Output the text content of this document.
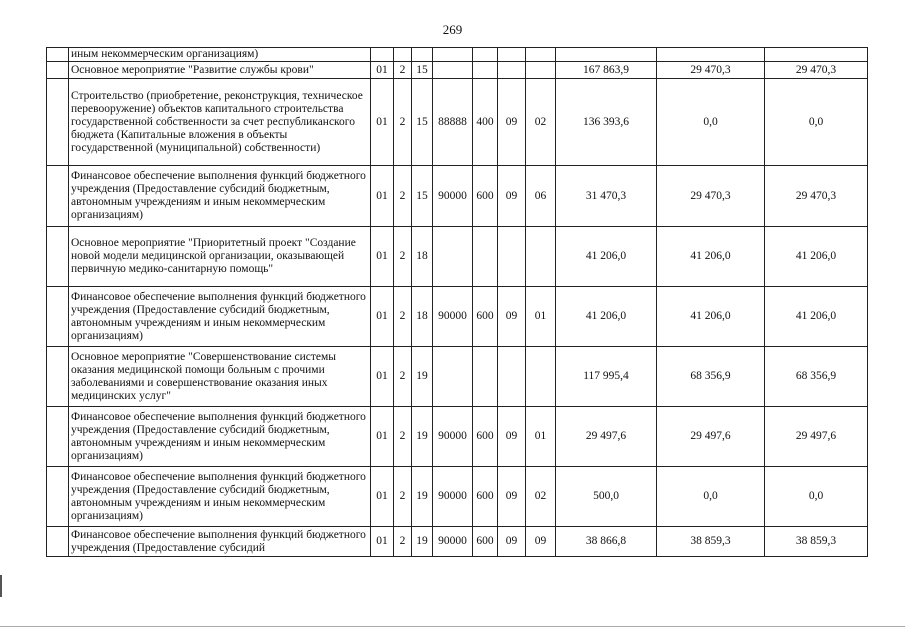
269
	иным некоммерческим организациям)										
	Основное мероприятие "Развитие службы крови"	01	2	15					167 863,9	29 470,3	29 470,3
	Строительство (приобретение, реконструкция, техническое перевооружение) объектов капитального строительства государственной собственности за счет республиканского бюджета (Капитальные вложения в объекты государственной (муниципальной) собственности)	01	2	15	88888	400	09	02	136 393,6	0,0	0,0
	Финансовое обеспечение выполнения функций бюджетного учреждения (Предоставление субсидий бюджетным, автономным учреждениям и иным некоммерческим организациям)	01	2	15	90000	600	09	06	31 470,3	29 470,3	29 470,3
	Основное мероприятие "Приоритетный проект "Создание новой модели медицинской организации, оказывающей первичную медико-санитарную помощь"	01	2	18					41 206,0	41 206,0	41 206,0
	Финансовое обеспечение выполнения функций бюджетного учреждения (Предоставление субсидий бюджетным, автономным учреждениям и иным некоммерческим организациям)	01	2	18	90000	600	09	01	41 206,0	41 206,0	41 206,0
	Основное мероприятие "Совершенствование системы оказания медицинской помощи больным с прочими заболеваниями и совершенствование оказания иных медицинских услуг"	01	2	19					117 995,4	68 356,9	68 356,9
	Финансовое обеспечение выполнения функций бюджетного учреждения (Предоставление субсидий бюджетным, автономным учреждениям и иным некоммерческим организациям)	01	2	19	90000	600	09	01	29 497,6	29 497,6	29 497,6
	Финансовое обеспечение выполнения функций бюджетного учреждения (Предоставление субсидий бюджетным, автономным учреждениям и иным некоммерческим организациям)	01	2	19	90000	600	09	02	500,0	0,0	0,0
	Финансовое обеспечение выполнения функций бюджетного учреждения (Предоставление субсидий	01	2	19	90000	600	09	09	38 866,8	38 859,3	38 859,3
